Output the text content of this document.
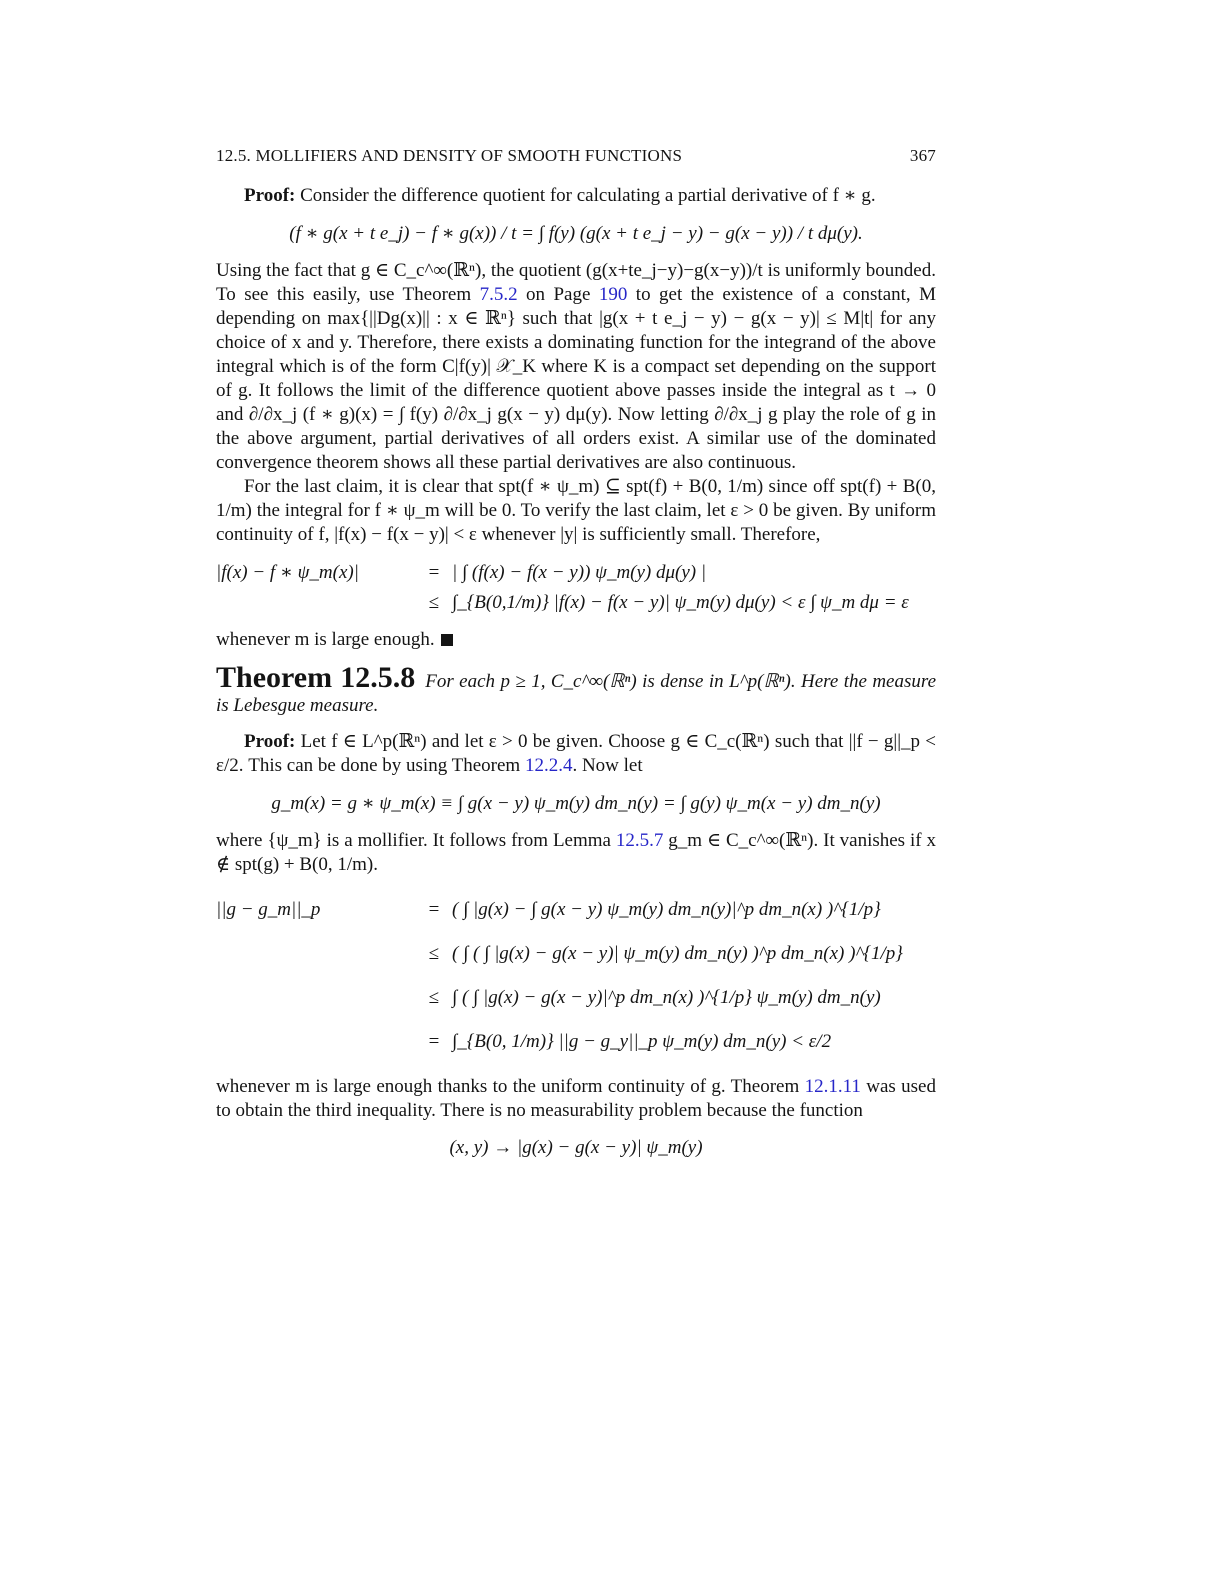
12.5. MOLLIFIERS AND DENSITY OF SMOOTH FUNCTIONS	367

Proof: Consider the difference quotient for calculating a partial derivative of f ∗ g.

(f ∗ g(x + t e_j) − f ∗ g(x)) / t = ∫ f(y) (g(x + t e_j − y) − g(x − y)) / t dμ(y).

Using the fact that g ∈ C_c^∞(ℝⁿ), the quotient (g(x+te_j−y)−g(x−y))/t is uniformly bounded. To see this easily, use Theorem 7.5.2 on Page 190 to get the existence of a constant, M depending on max{||Dg(x)|| : x ∈ ℝⁿ} such that |g(x + t e_j − y) − g(x − y)| ≤ M|t| for any choice of x and y. Therefore, there exists a dominating function for the integrand of the above integral which is of the form C|f(y)| 𝒳_K where K is a compact set depending on the support of g. It follows the limit of the difference quotient above passes inside the integral as t → 0 and ∂/∂x_j (f ∗ g)(x) = ∫ f(y) ∂/∂x_j g(x − y) dμ(y). Now letting ∂/∂x_j g play the role of g in the above argument, partial derivatives of all orders exist. A similar use of the dominated convergence theorem shows all these partial derivatives are also continuous.

For the last claim, it is clear that spt(f ∗ ψ_m) ⊆ spt(f) + B(0, 1/m) since off spt(f) + B(0, 1/m) the integral for f ∗ ψ_m will be 0. To verify the last claim, let ε > 0 be given. By uniform continuity of f, |f(x) − f(x − y)| < ε whenever |y| is sufficiently small. Therefore,

|f(x) − f ∗ ψ_m(x)|	= | ∫ (f(x) − f(x − y)) ψ_m(y) dμ(y) |
≤ ∫_{B(0,1/m)} |f(x) − f(x − y)| ψ_m(y) dμ(y) < ε ∫ ψ_m dμ = ε

whenever m is large enough.

Theorem 12.5.8 For each p ≥ 1, C_c^∞(ℝⁿ) is dense in L^p(ℝⁿ). Here the measure is Lebesgue measure.

Proof: Let f ∈ L^p(ℝⁿ) and let ε > 0 be given. Choose g ∈ C_c(ℝⁿ) such that ||f − g||_p < ε/2. This can be done by using Theorem 12.2.4. Now let

g_m(x) = g ∗ ψ_m(x) ≡ ∫ g(x − y) ψ_m(y) dm_n(y) = ∫ g(y) ψ_m(x − y) dm_n(y)

where {ψ_m} is a mollifier. It follows from Lemma 12.5.7 g_m ∈ C_c^∞(ℝⁿ). It vanishes if x ∉ spt(g) + B(0, 1/m).

||g − g_m||_p	= ( ∫ |g(x) − ∫ g(x − y) ψ_m(y) dm_n(y)|^p dm_n(x) )^{1/p}
≤ ( ∫ ( ∫ |g(x) − g(x − y)| ψ_m(y) dm_n(y) )^p dm_n(x) )^{1/p}
≤ ∫ ( ∫ |g(x) − g(x − y)|^p dm_n(x) )^{1/p} ψ_m(y) dm_n(y)
= ∫_{B(0, 1/m)} ||g − g_y||_p ψ_m(y) dm_n(y) < ε/2

whenever m is large enough thanks to the uniform continuity of g. Theorem 12.1.11 was used to obtain the third inequality. There is no measurability problem because the function

(x, y) → |g(x) − g(x − y)| ψ_m(y)
